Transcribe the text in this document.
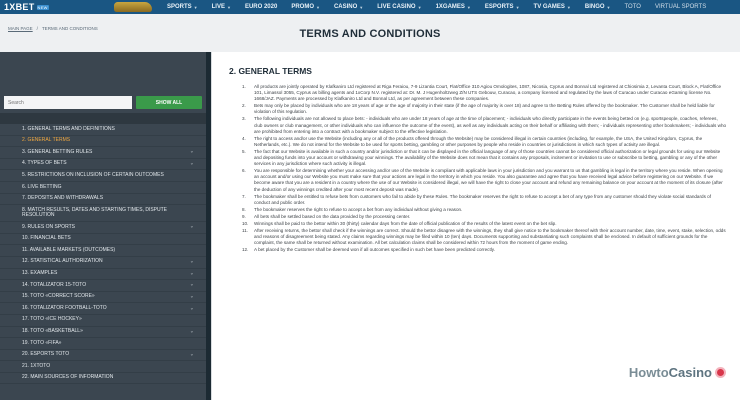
1XBET NEW	SPORTS ▼ LIVE ▼ EURO 2020 PROMO ▼ CASINO ▼ LIVE CASINO ▼ 1XGAMES ▼ ESPORTS ▼ TV GAMES ▼ BINGO ▼ TOTO VIRTUAL SPORTS
MAIN PAGE / TERMS AND CONDITIONS	TERMS AND CONDITIONS
Search
SHOW ALL
1. GENERAL TERMS AND DEFINITIONS
2. GENERAL TERMS
3. GENERAL BETTING RULES	⌄
4. TYPES OF BETS	⌄
5. RESTRICTIONS ON INCLUSION OF CERTAIN OUTCOMES
6. LIVE BETTING
7. DEPOSITS AND WITHDRAWALS
8. MATCH RESULTS, DATES AND STARTING TIMES, DISPUTE RESOLUTION
9. RULES ON SPORTS	⌄
10. FINANCIAL BETS
11. AVAILABLE MARKETS (OUTCOMES)
12. STATISTICAL AUTHORIZATION	⌄
13. EXAMPLES	⌄
14. TOTALIZATOR 15-TOTO	⌄
15. TOTO «CORRECT SCORE»	⌄
16. TOTALIZATOR FOOTBALL-TOTO	⌄
17. TOTO «ICE HOCKEY»
18. TOTO «BASKETBALL»	⌄
19. TOTO «FIFA»
20. ESPORTS TOTO	⌄
21. 1XTOTO
22. MAIN SOURCES OF INFORMATION
2. GENERAL TERMS
1.	All products are jointly operated by Klafkaniro Ltd registered at Riga Feraiou, 7-9 Lizantia Court, Flat/Office 310 Agiou Omologites, 1087, Nicosia, Cyprus and Bonnal Ltd registered at Chiosimia 2, Levanta Court, Block A, Flat/Office 101, Limassol 3055, Cyprus as billing agents and 1xCorp N.V. registered at: Dr. M. J Hugenholtzweg Z/N UTS Gebouw, Curacao, a company licensed and regulated by the laws of Curacao under Curacao eGaming license No. 1668/JAZ. Payments are processed by Klafkaniro Ltd and Bonnal Ltd, as per agreement between these companies.
2.	Bets may only be placed by individuals who are 18 years of age or the age of majority in their state (if the age of majority is over 18) and agree to the Betting Rules offered by the bookmaker. The Customer shall be held liable for violation of this regulation.
3.	The following individuals are not allowed to place bets: - individuals who are under 18 years of age at the time of placement; - individuals who directly participate in the events being betted on (e.g. sportspeople, coaches, referees, club owners or club management, or other individuals who can influence the outcome of the event), as well as any individuals acting on their behalf or affiliating with them; - individuals representing other bookmakers; - individuals who are prohibited from entering into a contract with a bookmaker subject to the effective legislation.
4.	The right to access and/or use the Website (including any or all of the products offered through the Website) may be considered illegal in certain countries (including, for example, the USA, the United Kingdom, Cyprus, the Netherlands, etc.). We do not intend for the Website to be used for sports betting, gambling or other purposes by people who reside in countries or jurisdictions in which such types of activity are illegal.
5.	The fact that our Website is available in such a country and/or jurisdiction or that it can be displayed in the official language of any of those countries cannot be considered official authorization or legal grounds for using our Website and depositing funds into your account or withdrawing your winnings. The availability of the Website does not mean that it contains any proposals, incitement or invitation to use or subscribe to betting, gambling or any of the other services in any jurisdiction where such activity is illegal.
6.	You are responsible for determining whether your accessing and/or use of the Website is compliant with applicable laws in your jurisdiction and you warrant to us that gambling is legal in the territory where you reside. When opening an account and/or using our Website you must make sure that your actions are legal in the territory in which you reside. You also guarantee and agree that you have received legal advice before registering on our Website. If we become aware that you are a resident in a country where the use of our Website is considered illegal, we will have the right to close your account and refund any remaining balance on your account at the moment of its closure (after the deduction of any winnings credited after your most recent deposit was made).
7.	The bookmaker shall be entitled to refuse bets from customers who fail to abide by these Rules. The bookmaker reserves the right to refuse to accept a bet of any type from any customer should they violate social standards of conduct and public order.
8.	The bookmaker reserves the right to refuse to accept a bet from any individual without giving a reason.
9.	All bets shall be settled based on the data provided by the processing center.
10.	Winnings shall be paid to the bettor within 30 (thirty) calendar days from the date of official publication of the results of the latest event on the bet slip.
11.	After receiving returns, the bettor shall check if the winnings are correct. Should the bettor disagree with the winnings, they shall give notice to the bookmaker thereof with their account number, date, time, event, stake, selection, odds and reasons of disagreement being stated. Any claims regarding winnings may be filed within 10 (ten) days. Documents supporting and substantiating such complaints shall be enclosed. In default of sufficient grounds for the complaint, the same shall be returned without examination. All bet calculation claims shall be considered within 72 hours from the moment of game ending.
12.	A bet placed by the Customer shall be deemed won if all outcomes specified in such bet have been predicted correctly.
HowtoCasino
